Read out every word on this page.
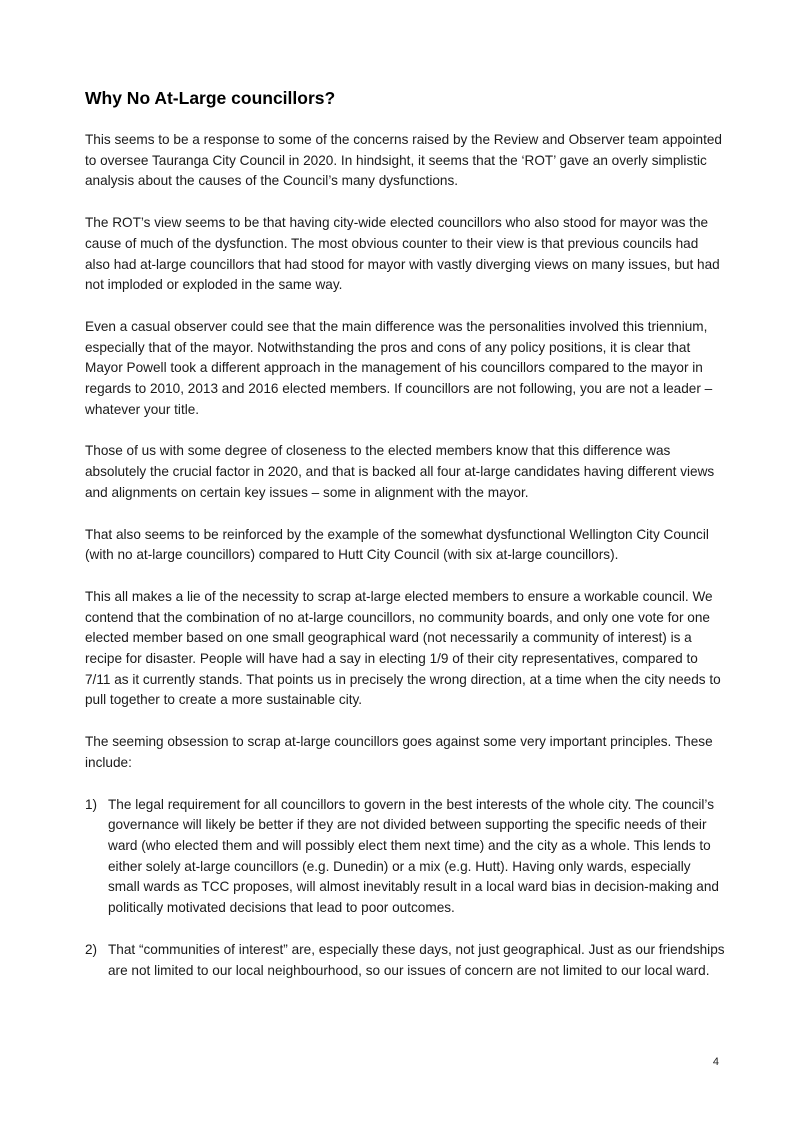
Why No At-Large councillors?

This seems to be a response to some of the concerns raised by the Review and Observer team appointed to oversee Tauranga City Council in 2020. In hindsight, it seems that the ‘ROT’ gave an overly simplistic analysis about the causes of the Council’s many dysfunctions.

The ROT’s view seems to be that having city-wide elected councillors who also stood for mayor was the cause of much of the dysfunction. The most obvious counter to their view is that previous councils had also had at-large councillors that had stood for mayor with vastly diverging views on many issues, but had not imploded or exploded in the same way.

Even a casual observer could see that the main difference was the personalities involved this triennium, especially that of the mayor. Notwithstanding the pros and cons of any policy positions, it is clear that Mayor Powell took a different approach in the management of his councillors compared to the mayor in regards to 2010, 2013 and 2016 elected members. If councillors are not following, you are not a leader – whatever your title.

Those of us with some degree of closeness to the elected members know that this difference was absolutely the crucial factor in 2020, and that is backed all four at-large candidates having different views and alignments on certain key issues – some in alignment with the mayor.

That also seems to be reinforced by the example of the somewhat dysfunctional Wellington City Council (with no at-large councillors) compared to Hutt City Council (with six at-large councillors).

This all makes a lie of the necessity to scrap at-large elected members to ensure a workable council. We contend that the combination of no at-large councillors, no community boards, and only one vote for one elected member based on one small geographical ward (not necessarily a community of interest) is a recipe for disaster. People will have had a say in electing 1/9 of their city representatives, compared to 7/11 as it currently stands. That points us in precisely the wrong direction, at a time when the city needs to pull together to create a more sustainable city.

The seeming obsession to scrap at-large councillors goes against some very important principles. These include:

1) The legal requirement for all councillors to govern in the best interests of the whole city. The council’s governance will likely be better if they are not divided between supporting the specific needs of their ward (who elected them and will possibly elect them next time) and the city as a whole. This lends to either solely at-large councillors (e.g. Dunedin) or a mix (e.g. Hutt). Having only wards, especially small wards as TCC proposes, will almost inevitably result in a local ward bias in decision-making and politically motivated decisions that lead to poor outcomes.
2) That “communities of interest” are, especially these days, not just geographical. Just as our friendships are not limited to our local neighbourhood, so our issues of concern are not limited to our local ward.
4
